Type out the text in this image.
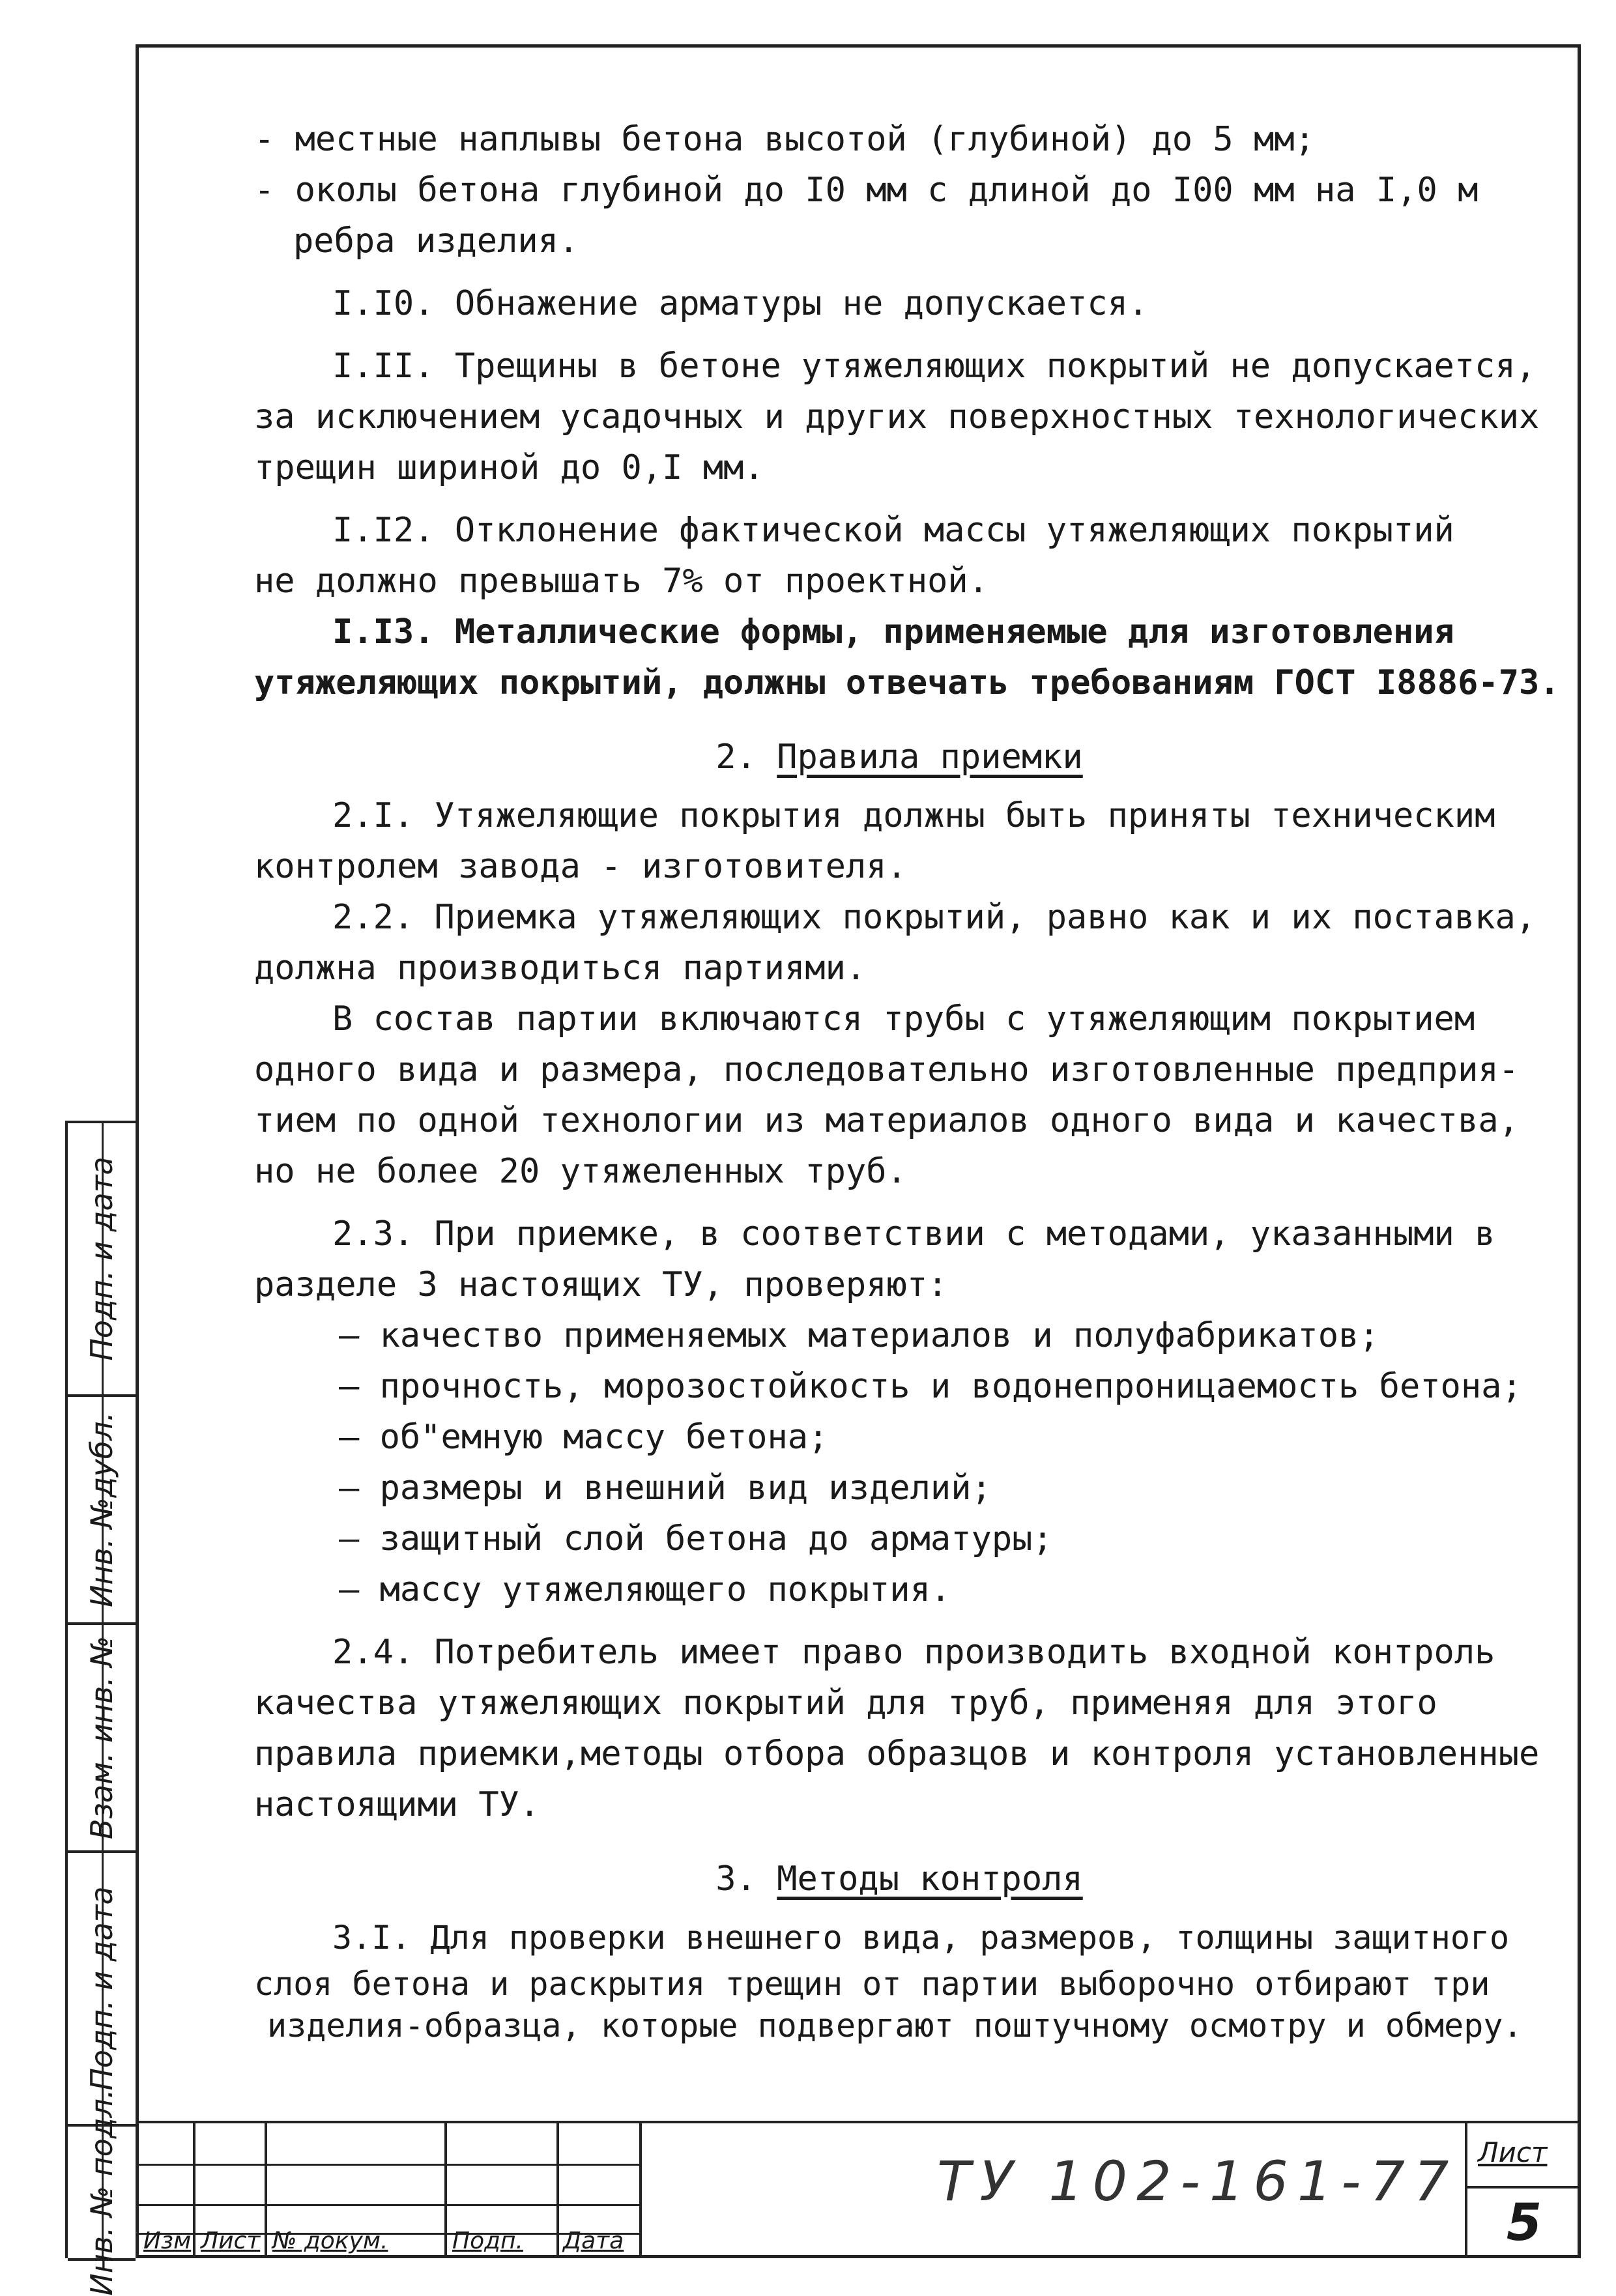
- местные наплывы бетона высотой (глубиной) до 5 мм;
- околы бетона глубиной до I0 мм с длиной до I00 мм на I,0 м
ребра изделия.
I.I0. Обнажение арматуры не допускается.
I.II. Трещины в бетоне утяжеляющих покрытий не допускается,
за исключением усадочных и других поверхностных технологических
трещин шириной до 0,I мм.
I.I2. Отклонение фактической массы утяжеляющих покрытий
не должно превышать 7% от проектной.
I.I3. Металлические формы, применяемые для изготовления
утяжеляющих покрытий, должны отвечать требованиям ГОСТ I8886-73.
2. Правила приемки
2.I. Утяжеляющие покрытия должны быть приняты техническим
контролем завода - изготовителя.
2.2. Приемка утяжеляющих покрытий, равно как и их поставка,
должна производиться партиями.
В состав партии включаются трубы с утяжеляющим покрытием
одного вида и размера, последовательно изготовленные предприя-
тием по одной технологии из материалов одного вида и качества,
но не более 20 утяжеленных труб.
2.3. При приемке, в соответствии с методами, указанными в
разделе 3 настоящих ТУ, проверяют:
– качество применяемых материалов и полуфабрикатов;
– прочность, морозостойкость и водонепроницаемость бетона;
– об"емную массу бетона;
– размеры и внешний вид изделий;
– защитный слой бетона до арматуры;
– массу утяжеляющего покрытия.
2.4. Потребитель имеет право производить входной контроль
качества утяжеляющих покрытий для труб, применяя для этого
правила приемки,методы отбора образцов и контроля установленные
настоящими ТУ.
3. Методы контроля
3.I. Для проверки внешнего вида, размеров, толщины защитного
слоя бетона и раскрытия трещин от партии выборочно отбирают три
изделия-образца, которые подвергают поштучному осмотру и обмеру.
Подп. и дата
Инв. №дубл.
Взам. инв. №
Подп. и дата
Инв. № подл. Изм Лист № докум.	Подп. Дата
ТУ 102-161-77 Лист
5
